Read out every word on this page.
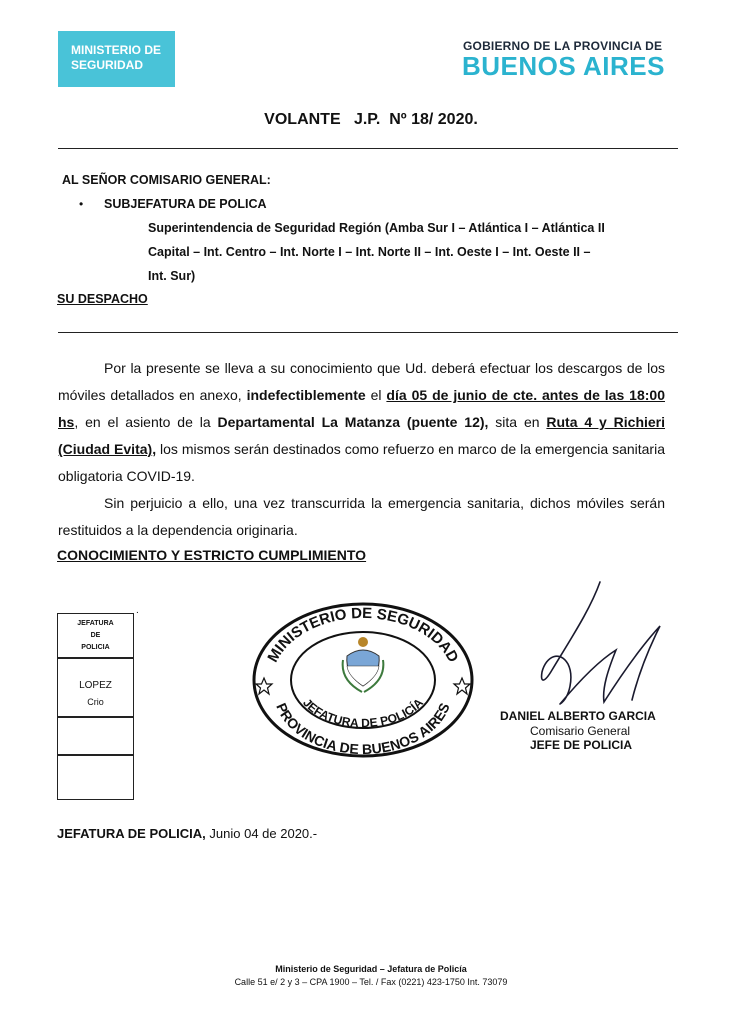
MINISTERIO DE
SEGURIDAD
GOBIERNO DE LA PROVINCIA DE
BUENOS AIRES
VOLANTE   J.P.  Nº 18/ 2020.
AL SEÑOR COMISARIO GENERAL:
• SUBJEFATURA DE POLICA
Superintendencia de Seguridad Región (Amba Sur I – Atlántica I – Atlántica II
Capital – Int. Centro – Int. Norte I – Int. Norte II – Int. Oeste I – Int. Oeste II –
Int. Sur)
SU DESPACHO

Por la presente se lleva a su conocimiento que Ud. deberá efectuar los descargos de los móviles detallados en anexo, indefectiblemente el día 05 de junio de cte. antes de las 18:00 hs, en el asiento de la Departamental La Matanza (puente 12), sita en Ruta 4 y Richieri (Ciudad Evita), los mismos serán destinados como refuerzo en marco de la emergencia sanitaria obligatoria COVID-19.

Sin perjuicio a ello, una vez transcurrida la emergencia sanitaria, dichos móviles serán restituidos a la dependencia originaria.

CONOCIMIENTO Y ESTRICTO CUMPLIMIENTO
JEFATURA
DE
POLICIA
LOPEZ
Crio
.
MINISTERIO DE SEGURIDAD
PROVINCIA DE BUENOS AIRES
JEFATURA DE POLICÍA
DANIEL ALBERTO GARCIA
Comisario General
JEFE DE POLICIA
JEFATURA DE POLICIA, Junio 04 de 2020.-
Ministerio de Seguridad – Jefatura de Policía
Calle 51 e/ 2 y 3 – CPA 1900 – Tel. / Fax (0221) 423-1750 Int. 73079
